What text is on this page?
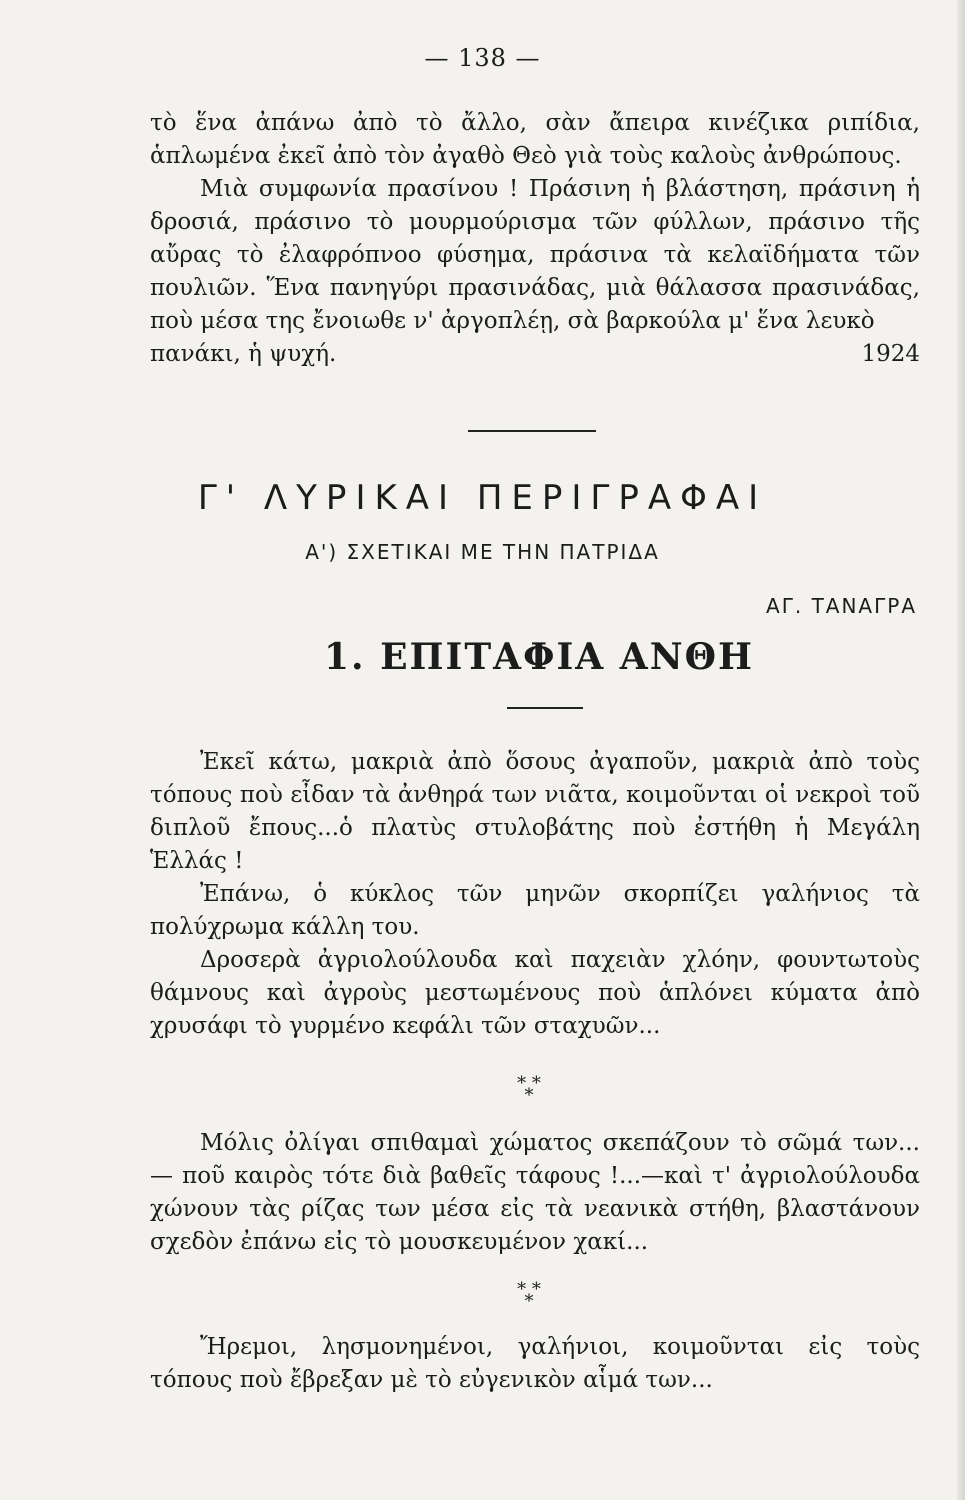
— 138 —

τὸ ἕνα ἀπάνω ἀπὸ τὸ ἄλλο, σὰν ἄπειρα κινέζικα ριπίδια, ἁπλωμένα ἐκεῖ ἀπὸ τὸν ἀγαθὸ Θεὸ γιὰ τοὺς καλοὺς ἀνθρώπους.

Μιὰ συμφωνία πρασίνου ! Πράσινη ἡ βλάστηση, πράσινη ἡ δροσιά, πράσινο τὸ μουρμούρισμα τῶν φύλλων, πράσινο τῆς αὔρας τὸ ἐλαφρόπνοο φύσημα, πράσινα τὰ κελαϊδήματα τῶν πουλιῶν. Ἕνα πανηγύρι πρασινάδας, μιὰ θάλασσα πρασινάδας, ποὺ μέσα της ἔνοιωθε ν' ἀργοπλέῃ, σὰ βαρκούλα μ' ἕνα λευκὸ

πανάκι, ἡ ψυχή.	1924
Γ' ΛΥΡΙΚΑΙ ΠΕΡΙΓΡΑΦΑΙ
Α') ΣΧΕΤΙΚΑΙ ΜΕ ΤΗΝ ΠΑΤΡΙΔΑ
ΑΓ. ΤΑΝΑΓΡΑ
1. ΕΠΙΤΑΦΙΑ ΑΝΘΗ

Ἐκεῖ κάτω, μακριὰ ἀπὸ ὅσους ἀγαποῦν, μακριὰ ἀπὸ τοὺς τόπους ποὺ εἶδαν τὰ ἀνθηρά των νιᾶτα, κοιμοῦνται οἱ νεκροὶ τοῦ διπλοῦ ἔπους...ὁ πλατὺς στυλοβάτης ποὺ ἐστήθη ἡ Μεγάλη Ἑλλάς !

Ἐπάνω, ὁ κύκλος τῶν μηνῶν σκορπίζει γαλήνιος τὰ πολύχρωμα κάλλη του.

Δροσερὰ ἀγριολούλουδα καὶ παχειὰν χλόην, φουντωτοὺς θάμνους καὶ ἀγροὺς μεστωμένους ποὺ ἁπλόνει κύματα ἀπὸ χρυσάφι τὸ γυρμένο κεφάλι τῶν σταχυῶν...

* *
*

Μόλις ὀλίγαι σπιθαμαὶ χώματος σκεπάζουν τὸ σῶμά των...— ποῦ καιρὸς τότε διὰ βαθεῖς τάφους !...—καὶ τ' ἀγριολούλουδα χώνουν τὰς ρίζας των μέσα εἰς τὰ νεανικὰ στήθη, βλαστάνουν σχεδὸν ἐπάνω εἰς τὸ μουσκευμένον χακί...

* *
*

Ἤρεμοι, λησμονημένοι, γαλήνιοι, κοιμοῦνται εἰς τοὺς τόπους ποὺ ἔβρεξαν μὲ τὸ εὐγενικὸν αἷμά των...
